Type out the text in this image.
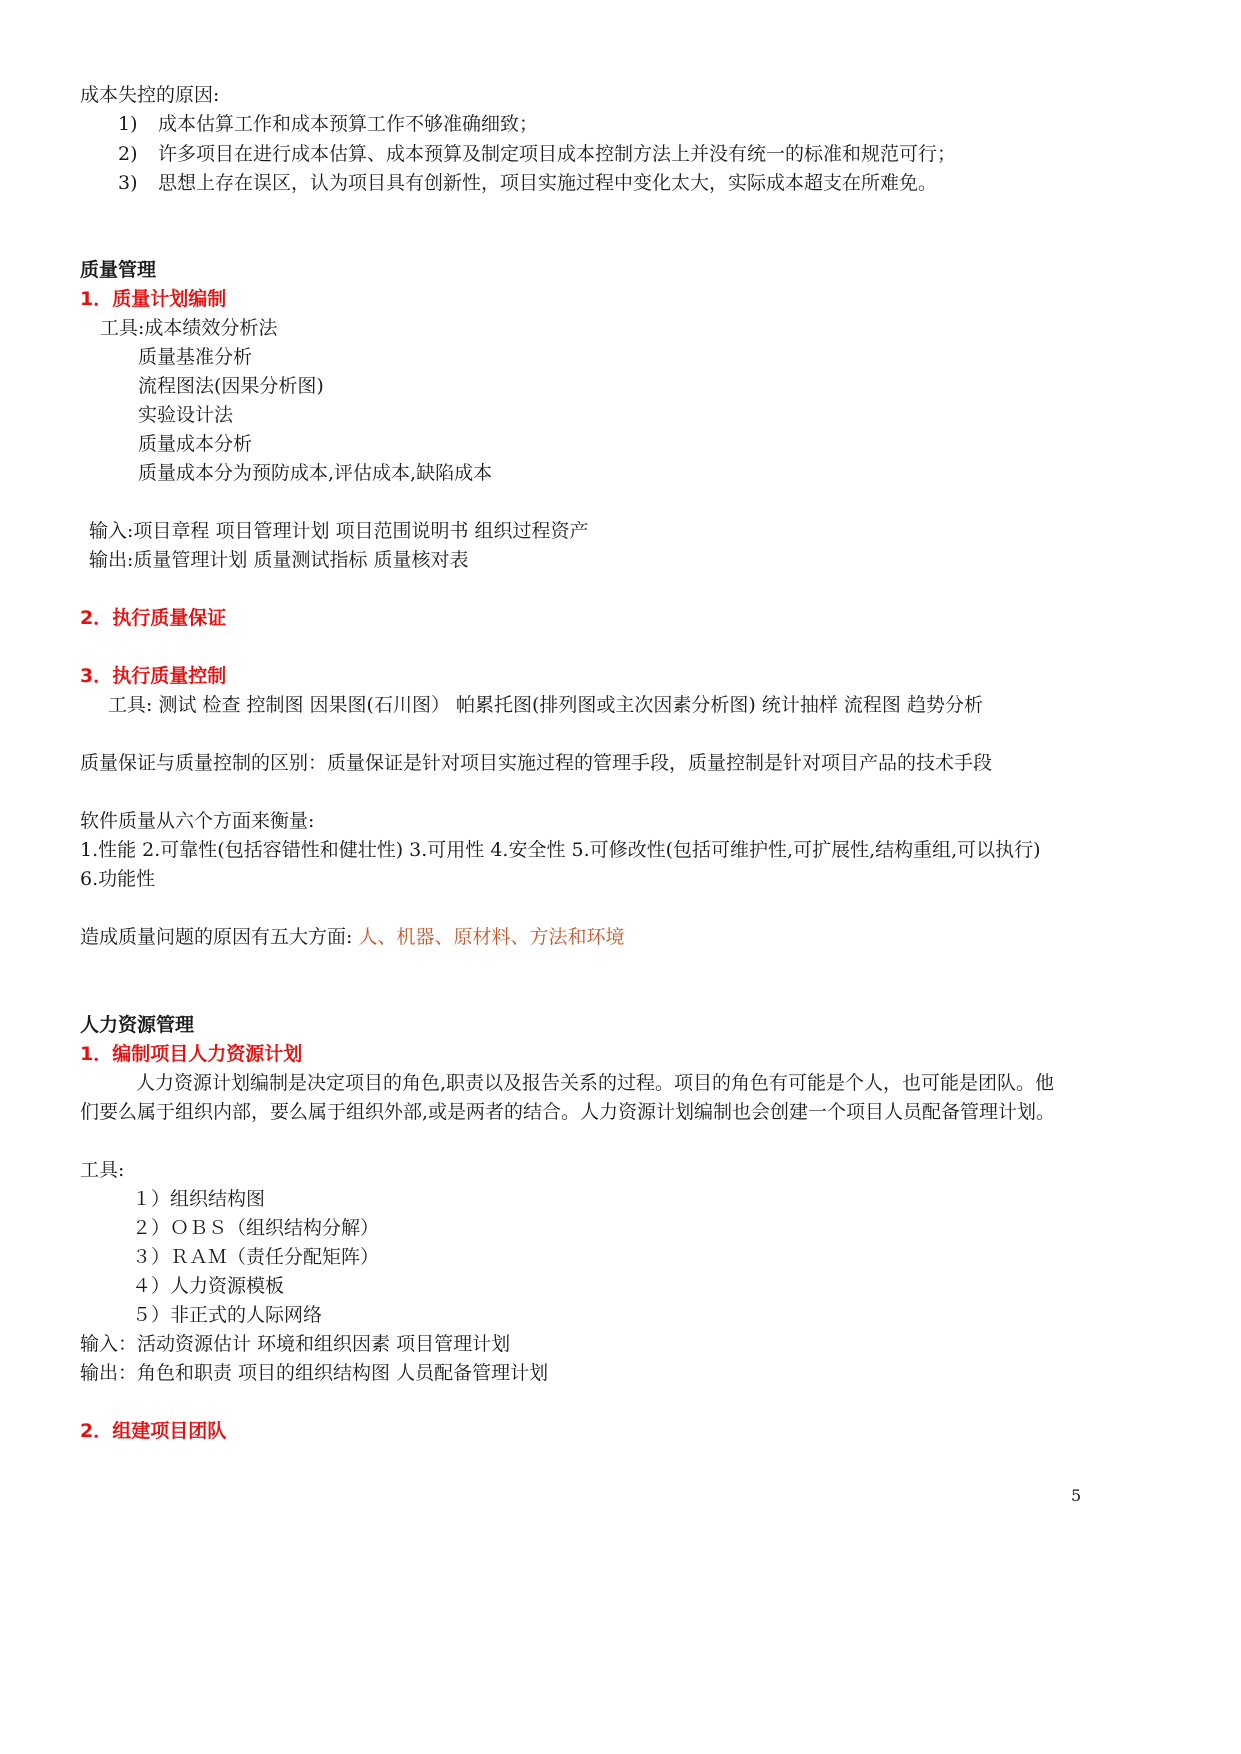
成本失控的原因:
1) 成本估算工作和成本预算工作不够准确细致；
2) 许多项目在进行成本估算、成本预算及制定项目成本控制方法上并没有统一的标准和规范可行；
3) 思想上存在误区，认为项目具有创新性，项目实施过程中变化太大，实际成本超支在所难免。
质量管理
1．质量计划编制
工具:成本绩效分析法
质量基准分析
流程图法(因果分析图)
实验设计法
质量成本分析
质量成本分为预防成本,评估成本,缺陷成本
输入:项目章程 项目管理计划 项目范围说明书 组织过程资产
输出:质量管理计划 质量测试指标 质量核对表
2．执行质量保证
3．执行质量控制
工具: 测试 检查 控制图 因果图(石川图） 帕累托图(排列图或主次因素分析图) 统计抽样 流程图 趋势分析
质量保证与质量控制的区别：质量保证是针对项目实施过程的管理手段，质量控制是针对项目产品的技术手段
软件质量从六个方面来衡量:
1.性能 2.可靠性(包括容错性和健壮性) 3.可用性 4.安全性 5.可修改性(包括可维护性,可扩展性,结构重组,可以执行)
6.功能性
造成质量问题的原因有五大方面: 人、机器、原材料、方法和环境
人力资源管理
1．编制项目人力资源计划
人力资源计划编制是决定项目的角色,职责以及报告关系的过程。项目的角色有可能是个人，也可能是团队。他
们要么属于组织内部，要么属于组织外部,或是两者的结合。人力资源计划编制也会创建一个项目人员配备管理计划。
工具:
１）组织结构图
２）ＯＢＳ（组织结构分解）
３）ＲＡＭ（责任分配矩阵）
４）人力资源模板
５）非正式的人际网络
输入：活动资源估计 环境和组织因素 项目管理计划
输出：角色和职责 项目的组织结构图 人员配备管理计划
2．组建项目团队
5
